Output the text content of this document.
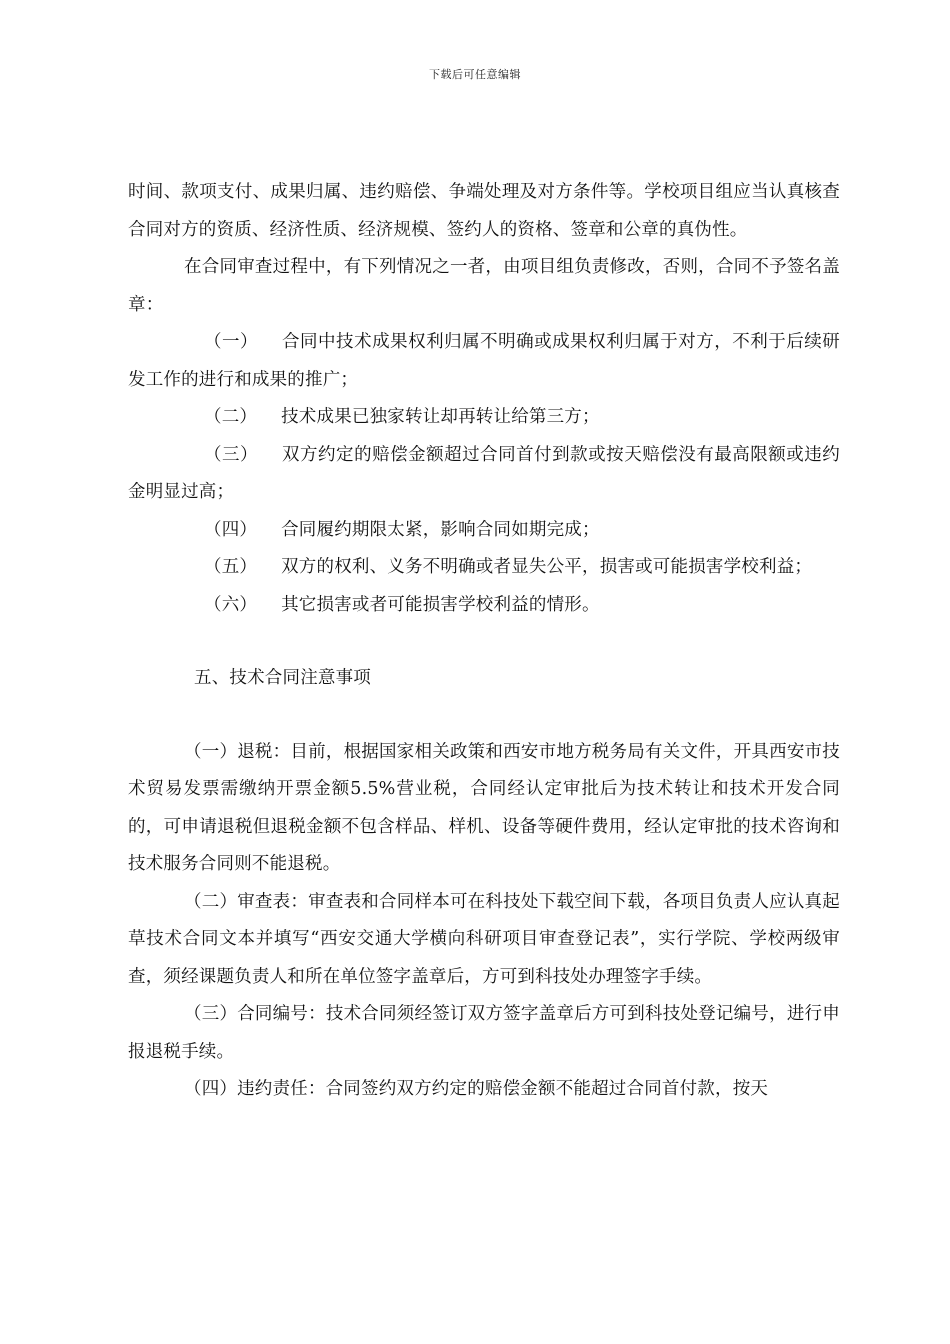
下载后可任意编辑

时间、款项支付、成果归属、违约赔偿、争端处理及对方条件等。学校项目组应当认真核查合同对方的资质、经济性质、经济规模、签约人的资格、签章和公章的真伪性。

在合同审查过程中，有下列情况之一者，由项目组负责修改，否则，合同不予签名盖章：

（一） 合同中技术成果权利归属不明确或成果权利归属于对方，不利于后续研发工作的进行和成果的推广；

（二） 技术成果已独家转让却再转让给第三方；

（三） 双方约定的赔偿金额超过合同首付到款或按天赔偿没有最高限额或违约金明显过高；

（四） 合同履约期限太紧，影响合同如期完成；

（五） 双方的权利、义务不明确或者显失公平，损害或可能损害学校利益；

（六） 其它损害或者可能损害学校利益的情形。

五、技术合同注意事项

（一）退税：目前，根据国家相关政策和西安市地方税务局有关文件，开具西安市技术贸易发票需缴纳开票金额5.5%营业税，合同经认定审批后为技术转让和技术开发合同的，可申请退税但退税金额不包含样品、样机、设备等硬件费用，经认定审批的技术咨询和技术服务合同则不能退税。

（二）审查表：审查表和合同样本可在科技处下载空间下载，各项目负责人应认真起草技术合同文本并填写“西安交通大学横向科研项目审查登记表”，实行学院、学校两级审查，须经课题负责人和所在单位签字盖章后，方可到科技处办理签字手续。

（三）合同编号：技术合同须经签订双方签字盖章后方可到科技处登记编号，进行申报退税手续。

（四）违约责任：合同签约双方约定的赔偿金额不能超过合同首付款，按天
